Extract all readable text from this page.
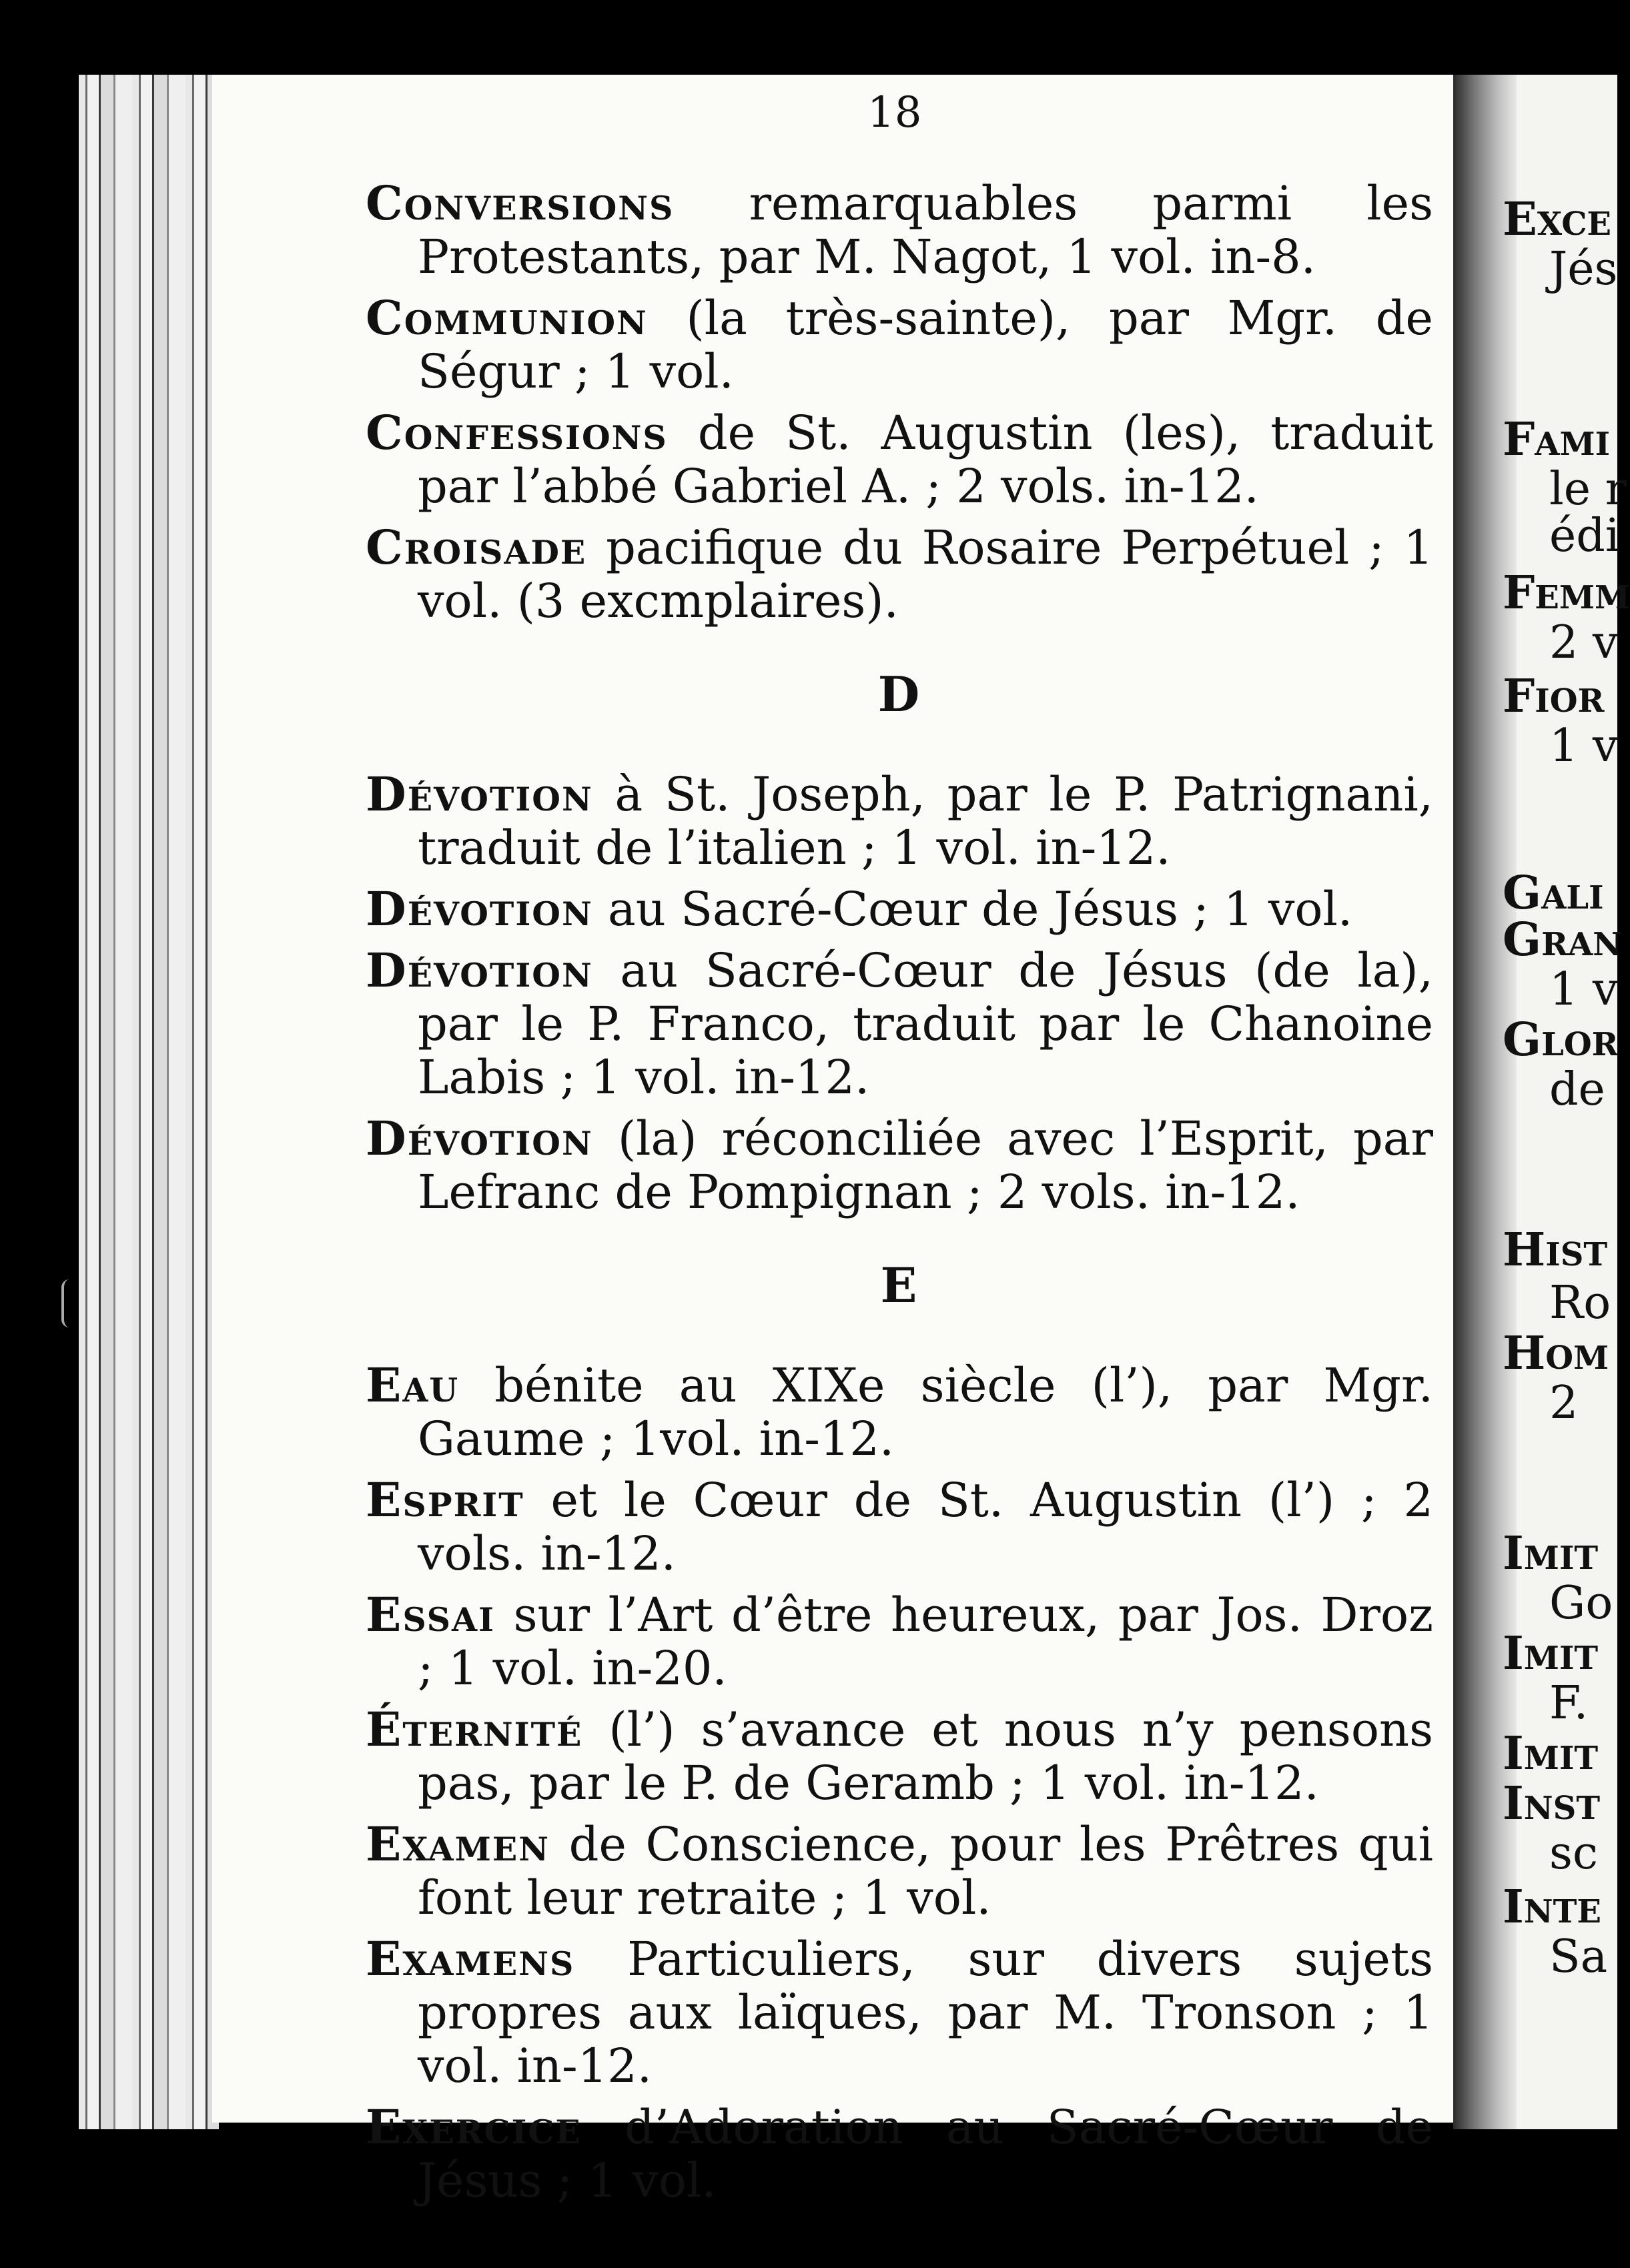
18
Conversions remarquables parmi les Protestants, par M. Nagot, 1 vol. in-8.
Communion (la très-sainte), par Mgr. de Ségur ; 1 vol.
Confessions de St. Augustin (les), traduit par l’abbé Gabriel A. ; 2 vols. in-12.
Croisade pacifique du Rosaire Perpétuel ; 1 vol. (3 excmplaires).
D
Dévotion à St. Joseph, par le P. Patrignani, traduit de l’italien ; 1 vol. in-12.
Dévotion au Sacré-Cœur de Jésus ; 1 vol.
Dévotion au Sacré-Cœur de Jésus (de la), par le P. Franco, traduit par le Chanoine Labis ; 1 vol. in-12.
Dévotion (la) réconciliée avec l’Esprit, par Lefranc de Pompignan ; 2 vols. in-12.
E
Eau bénite au XIXe siècle (l’), par Mgr. Gaume ; 1vol. in-12.
Esprit et le Cœur de St. Augustin (l’) ; 2 vols. in-12.
Essai sur l’Art d’être heureux, par Jos. Droz ; 1 vol. in-20.
Éternité (l’) s’avance et nous n’y pensons pas, par le P. de Geramb ; 1 vol. in-12.
Examen de Conscience, pour les Prêtres qui font leur retraite ; 1 vol.
Examens Particuliers, sur divers sujets propres aux laïques, par M. Tronson ; 1 vol. in-12.
Exercice d’Adoration au Sacré-Cœur de Jésus ; 1 vol.
Exce
Jés
Fami
le r
édi
Femm
2 v
Fior
1 v
Gali
Gran
1 v
Glor
de
Hist
Ro
Hom
2
Imit
Go
Imit
F.
Imit
Inst
sc
Inte
Sa
